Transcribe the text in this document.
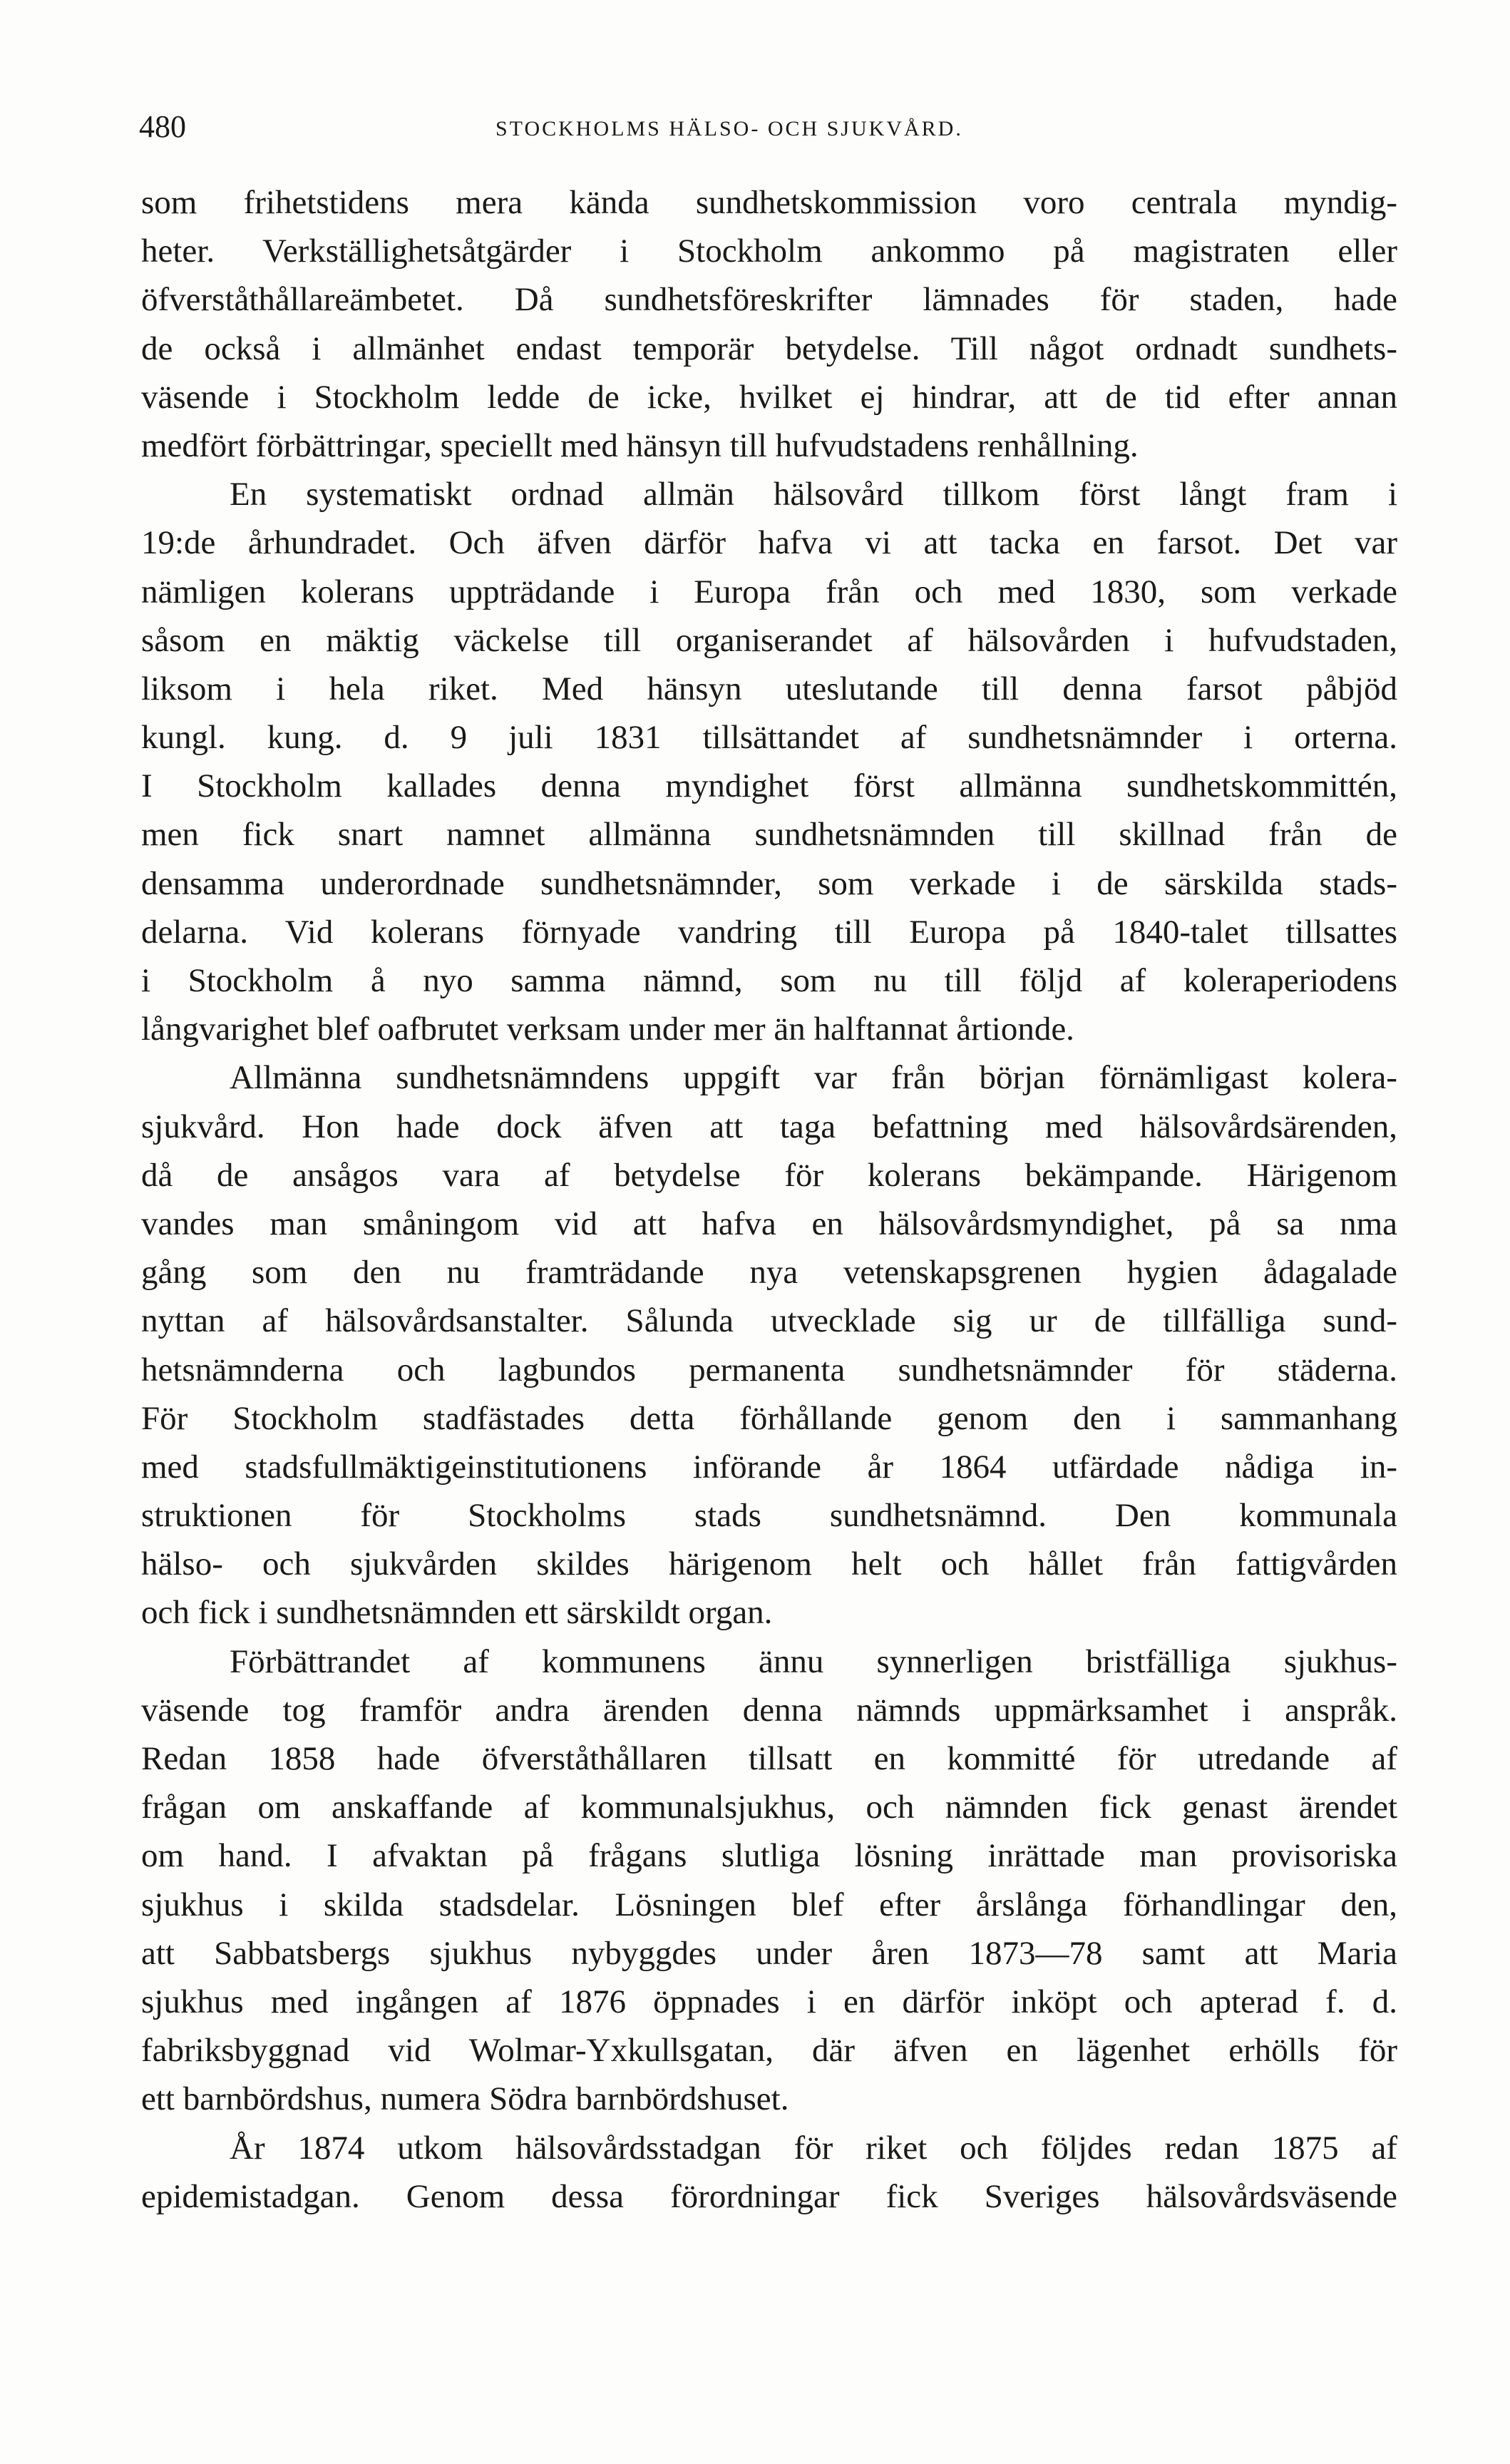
480	STOCKHOLMS HÄLSO- OCH SJUKVÅRD.
som frihetstidens mera kända sundhetskommission voro centrala myndig-
heter. Verkställighetsåtgärder i Stockholm ankommo på magistraten eller
öfverståthållareämbetet. Då sundhetsföreskrifter lämnades för staden, hade
de också i allmänhet endast temporär betydelse. Till något ordnadt sundhets-
väsende i Stockholm ledde de icke, hvilket ej hindrar, att de tid efter annan
medfört förbättringar, speciellt med hänsyn till hufvudstadens renhållning.
En systematiskt ordnad allmän hälsovård tillkom först långt fram i
19:de århundradet. Och äfven därför hafva vi att tacka en farsot. Det var
nämligen kolerans uppträdande i Europa från och med 1830, som verkade
såsom en mäktig väckelse till organiserandet af hälsovården i hufvudstaden,
liksom i hela riket. Med hänsyn uteslutande till denna farsot påbjöd
kungl. kung. d. 9 juli 1831 tillsättandet af sundhetsnämnder i orterna.
I Stockholm kallades denna myndighet först allmänna sundhetskommittén,
men fick snart namnet allmänna sundhetsnämnden till skillnad från de
densamma underordnade sundhetsnämnder, som verkade i de särskilda stads-
delarna. Vid kolerans förnyade vandring till Europa på 1840-talet tillsattes
i Stockholm å nyo samma nämnd, som nu till följd af koleraperiodens
långvarighet blef oafbrutet verksam under mer än halftannat årtionde.
Allmänna sundhetsnämndens uppgift var från början förnämligast kolera-
sjukvård. Hon hade dock äfven att taga befattning med hälsovårdsärenden,
då de ansågos vara af betydelse för kolerans bekämpande. Härigenom
vandes man småningom vid att hafva en hälsovårdsmyndighet, på sa nma
gång som den nu framträdande nya vetenskapsgrenen hygien ådagalade
nyttan af hälsovårdsanstalter. Sålunda utvecklade sig ur de tillfälliga sund-
hetsnämnderna och lagbundos permanenta sundhetsnämnder för städerna.
För Stockholm stadfästades detta förhållande genom den i sammanhang
med stadsfullmäktigeinstitutionens införande år 1864 utfärdade nådiga in-
struktionen för Stockholms stads sundhetsnämnd. Den kommunala
hälso- och sjukvården skildes härigenom helt och hållet från fattigvården
och fick i sundhetsnämnden ett särskildt organ.
Förbättrandet af kommunens ännu synnerligen bristfälliga sjukhus-
väsende tog framför andra ärenden denna nämnds uppmärksamhet i anspråk.
Redan 1858 hade öfverståthållaren tillsatt en kommitté för utredande af
frågan om anskaffande af kommunalsjukhus, och nämnden fick genast ärendet
om hand. I afvaktan på frågans slutliga lösning inrättade man provisoriska
sjukhus i skilda stadsdelar. Lösningen blef efter årslånga förhandlingar den,
att Sabbatsbergs sjukhus nybyggdes under åren 1873—78 samt att Maria
sjukhus med ingången af 1876 öppnades i en därför inköpt och apterad f. d.
fabriksbyggnad vid Wolmar-Yxkullsgatan, där äfven en lägenhet erhölls för
ett barnbördshus, numera Södra barnbördshuset.
År 1874 utkom hälsovårdsstadgan för riket och följdes redan 1875 af
epidemistadgan. Genom dessa förordningar fick Sveriges hälsovårdsväsende
